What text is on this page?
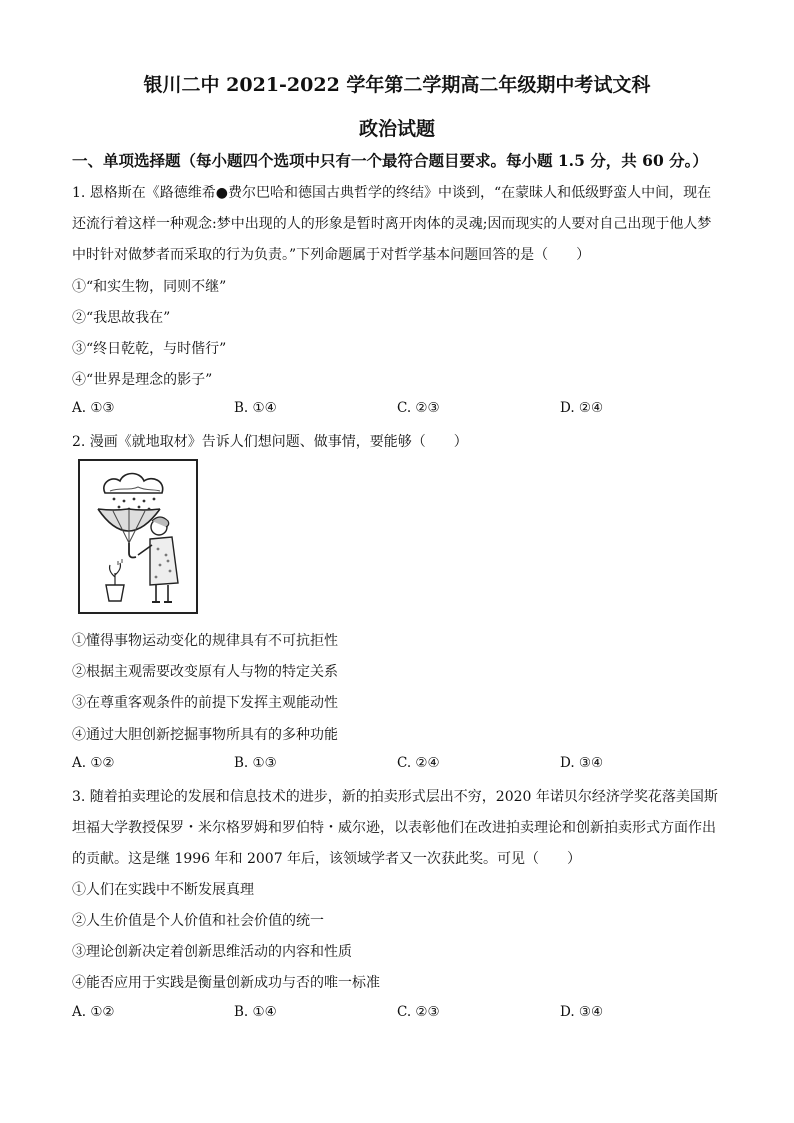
银川二中 2021-2022 学年第二学期高二年级期中考试文科
政治试题
一、单项选择题（每小题四个选项中只有一个最符合题目要求。每小题 1.5 分，共 60 分。）
1. 恩格斯在《路德维希●费尔巴哈和德国古典哲学的终结》中谈到，“在蒙昧人和低级野蛮人中间，现在
还流行着这样一种观念:梦中出现的人的形象是暂时离开肉体的灵魂;因而现实的人要对自己出现于他人梦
中时针对做梦者而采取的行为负责。”下列命题属于对哲学基本问题回答的是（　　）
①“和实生物，同则不继”
②“我思故我在”
③“终日乾乾，与时偕行”
④“世界是理念的影子”
A. ①③	B. ①④	C. ②③	D. ②④
2. 漫画《就地取材》告诉人们想问题、做事情，要能够（　　）
①懂得事物运动变化的规律具有不可抗拒性
②根据主观需要改变原有人与物的特定关系
③在尊重客观条件的前提下发挥主观能动性
④通过大胆创新挖掘事物所具有的多种功能
A. ①②	B. ①③	C. ②④	D. ③④
3. 随着拍卖理论的发展和信息技术的进步，新的拍卖形式层出不穷，2020 年诺贝尔经济学奖花落美国斯
坦福大学教授保罗・米尔格罗姆和罗伯特・威尔逊，以表彰他们在改进拍卖理论和创新拍卖形式方面作出
的贡献。这是继 1996 年和 2007 年后，该领域学者又一次获此奖。可见（　　）
①人们在实践中不断发展真理
②人生价值是个人价值和社会价值的统一
③理论创新决定着创新思维活动的内容和性质
④能否应用于实践是衡量创新成功与否的唯一标准
A. ①②	B. ①④	C. ②③	D. ③④
